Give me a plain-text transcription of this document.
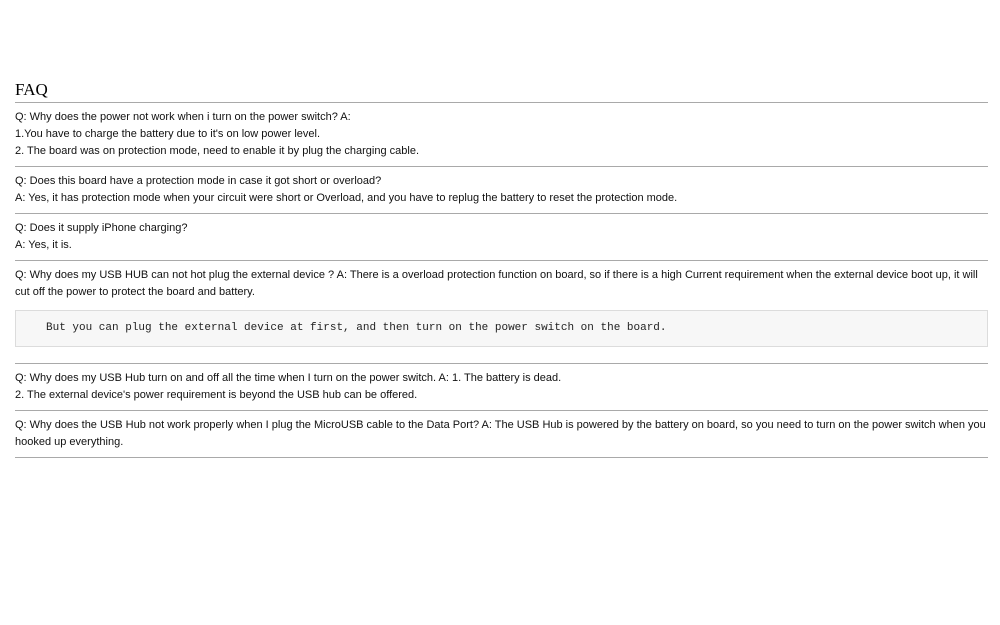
FAQ
Q: Why does the power not work when i turn on the power switch? A:
1.You have to charge the battery due to it's on low power level.
2. The board was on protection mode, need to enable it by plug the charging cable.
Q: Does this board have a protection mode in case it got short or overload?
A: Yes, it has protection mode when your circuit were short or Overload, and you have to replug the battery to reset the protection mode.
Q: Does it supply iPhone charging?
A: Yes, it is.
Q: Why does my USB HUB can not hot plug the external device ? A: There is a overload protection function on board, so if there is a high Current requirement when the external device boot up, it will cut off the power to protect the board and battery.
But you can plug the external device at first, and then turn on the power switch on the board.
Q: Why does my USB Hub turn on and off all the time when I turn on the power switch. A: 1. The battery is dead.
2. The external device's power requirement is beyond the USB hub can be offered.
Q: Why does the USB Hub not work properly when I plug the MicroUSB cable to the Data Port? A: The USB Hub is powered by the battery on board, so you need to turn on the power switch when you hooked up everything.
